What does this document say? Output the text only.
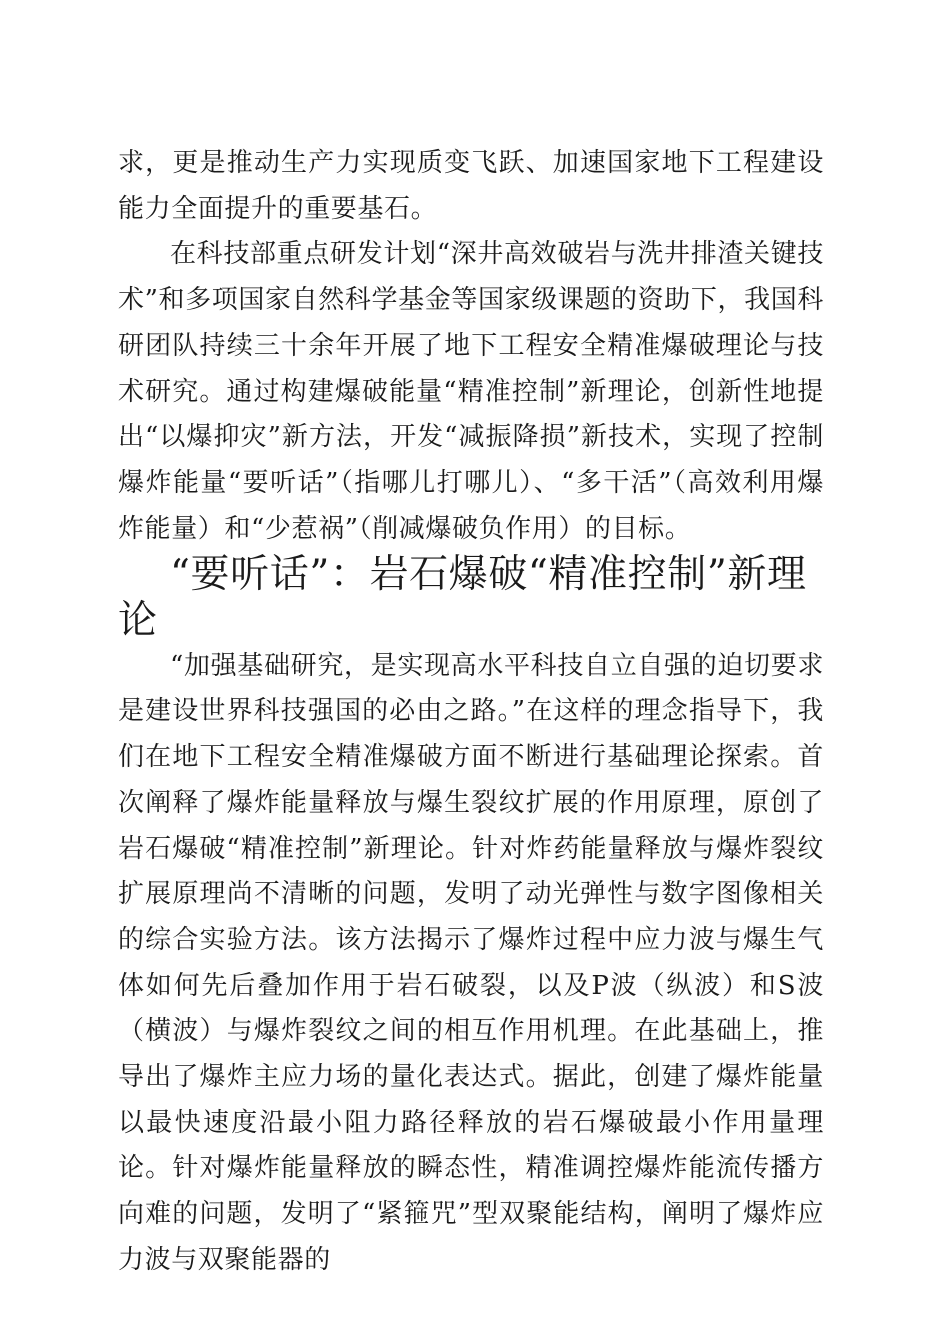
求，更是推动生产力实现质变飞跃、加速国家地下工程建设能力全面提升的重要基石。

在科技部重点研发计划“深井高效破岩与洗井排渣关键技术”和多项国家自然科学基金等国家级课题的资助下，我国科研团队持续三十余年开展了地下工程安全精准爆破理论与技术研究。通过构建爆破能量“精准控制”新理论，创新性地提出“以爆抑灾”新方法，开发“减振降损”新技术，实现了控制爆炸能量“要听话”（指哪儿打哪儿）、“多干活”（高效利用爆炸能量）和“少惹祸”（削减爆破负作用）的目标。

“要听话”：岩石爆破“精准控制”新理论

“加强基础研究，是实现高水平科技自立自强的迫切要求是建设世界科技强国的必由之路。”在这样的理念指导下，我们在地下工程安全精准爆破方面不断进行基础理论探索。首次阐释了爆炸能量释放与爆生裂纹扩展的作用原理，原创了岩石爆破“精准控制”新理论。针对炸药能量释放与爆炸裂纹扩展原理尚不清晰的问题，发明了动光弹性与数字图像相关的综合实验方法。该方法揭示了爆炸过程中应力波与爆生气体如何先后叠加作用于岩石破裂，以及P波（纵波）和S波（横波）与爆炸裂纹之间的相互作用机理。在此基础上，推导出了爆炸主应力场的量化表达式。据此，创建了爆炸能量以最快速度沿最小阻力路径释放的岩石爆破最小作用量理论。针对爆炸能量释放的瞬态性，精准调控爆炸能流传播方向难的问题，发明了“紧箍咒”型双聚能结构，阐明了爆炸应力波与双聚能器的
